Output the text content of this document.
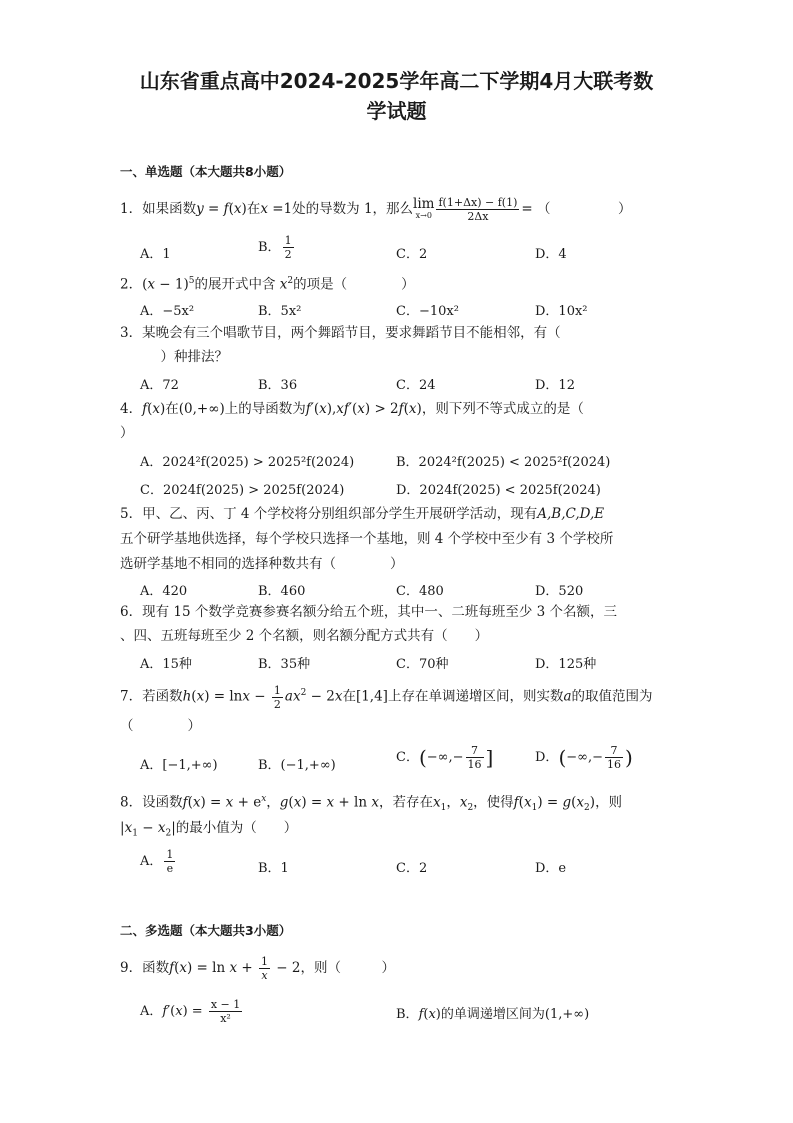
山东省重点高中2024-2025学年高二下学期4月大联考数
学试题
一、单选题（本大题共8小题）
1．如果函数y = f(x)在x =1处的导数为 1，那么lim
$x\to 0 \frac{f(1+\Delta x) - f(1)}{2\Delta x}$ = （　　　　　）
A．1	B． $\frac{1}{2}$	C．2	D．4
2．$(x - 1)^5$的展开式中含 $x^2$的项是（　　　　）
A．−5x²	B．5x²	C．−10x²	D．10x²
3．某晚会有三个唱歌节目，两个舞蹈节目，要求舞蹈节目不能相邻，有（
　　　）种排法？
A．72	B．36	C．24	D．12
4．f(x)在(0,+∞)上的导函数为f′(x),xf′(x) > 2f(x)，则下列不等式成立的是（
）
A．2024²f(2025) > 2025²f(2024)	B．2024²f(2025) < 2025²f(2024)
C．2024f(2025) > 2025f(2024)	D．2024f(2025) < 2025f(2024)
5．甲、乙、丙、丁 4 个学校将分别组织部分学生开展研学活动，现有A,B,C,D,E
五个研学基地供选择，每个学校只选择一个基地，则 4 个学校中至少有 3 个学校所
选研学基地不相同的选择种数共有（　　　　）
A．420	B．460	C．480	D．520
6．现有 15 个数学竞赛参赛名额分给五个班，其中一、二班每班至少 3 个名额，三
、四、五班每班至少 2 个名额，则名额分配方式共有（　　）
A．15种	B．35种	C．70种	D．125种
7．若函数$h(x) = \ln x - \frac{1}{2} ax^2 - 2x$在[1,4]上存在单调递增区间，则实数a的取值范围为
（　　　　）
A．[−1,+∞)	B．(−1,+∞)
C．(−∞,− $\frac{7}{16}$ ]	D．(−∞,− $\frac{7}{16}$ )
8．设函数$f(x) = x + e^x$，g(x) = x + ln x，若存在$x_1$，$x_2$，使得$f(x_1) = g(x_2)$，则
$|x_1 - x_2|$的最小值为（　　）
A． $\frac{1}{e}$	B．1	C．2	D．e
二、多选题（本大题共3小题）
9．函数$f(x) = \ln x + \frac{1}{x} - 2$，则（　　　）
A．$f'(x) = \frac{x - 1}{\text{x²}}$	B．f(x)的单调递增区间为(1,+∞)
